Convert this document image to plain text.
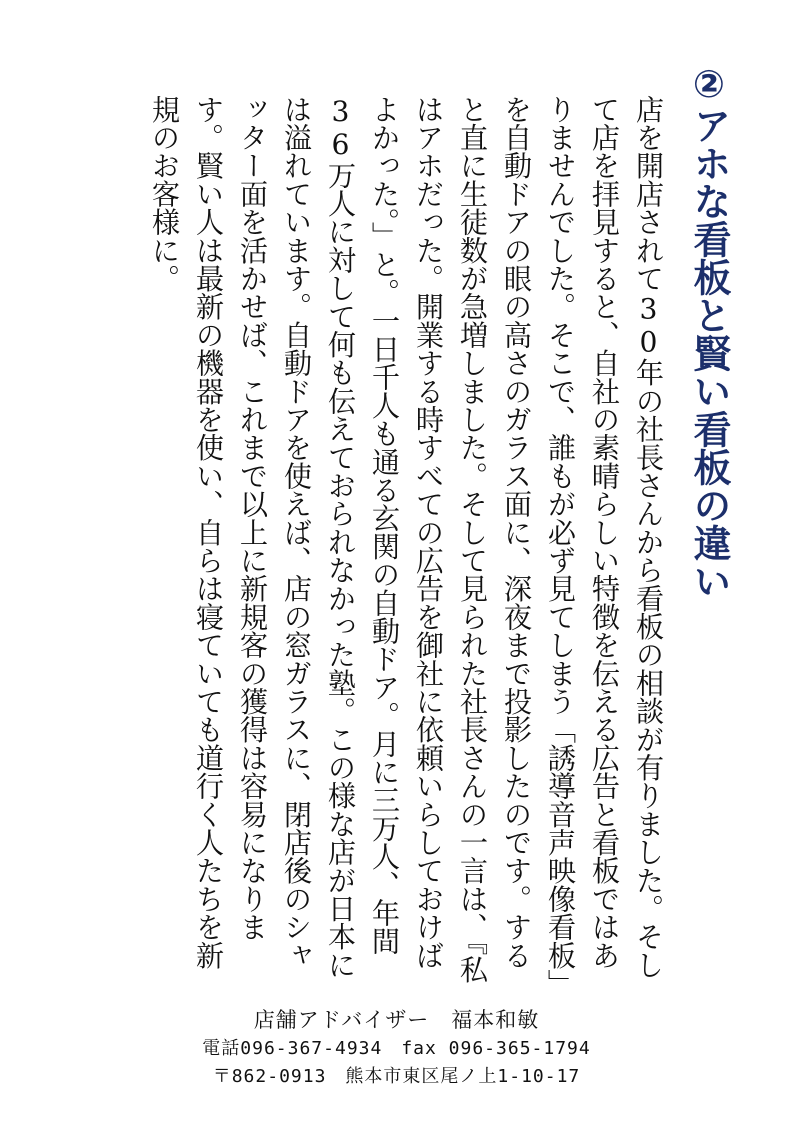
②アホな看板と賢い看板の違い

店を開店されて30年の社長さんから看板の相談が有りました。そして店を拝見すると、自社の素晴らしい特徴を伝える広告と看板ではありませんでした。そこで、誰もが必ず見てしまう「誘導音声映像看板」を自動ドアの眼の高さのガラス面に、深夜まで投影したのです。すると直に生徒数が急増しました。そして見られた社長さんの一言は、『私はアホだった。開業する時すべての広告を御社に依頼いらしておけばよかった。」と。一日千人も通る玄関の自動ドア。月に三万人、年間36万人に対して何も伝えておられなかった塾。この様な店が日本には溢れています。自動ドアを使えば、店の窓ガラスに、閉店後のシャッター面を活かせば、これまで以上に新規客の獲得は容易になります。賢い人は最新の機器を使い、自らは寝ていても道行く人たちを新規のお客様に。

店舗アドバイザー　福本和敏
電話096-367-4934　fax 096-365-1794
〒862-0913　熊本市東区尾ノ上1-10-17
